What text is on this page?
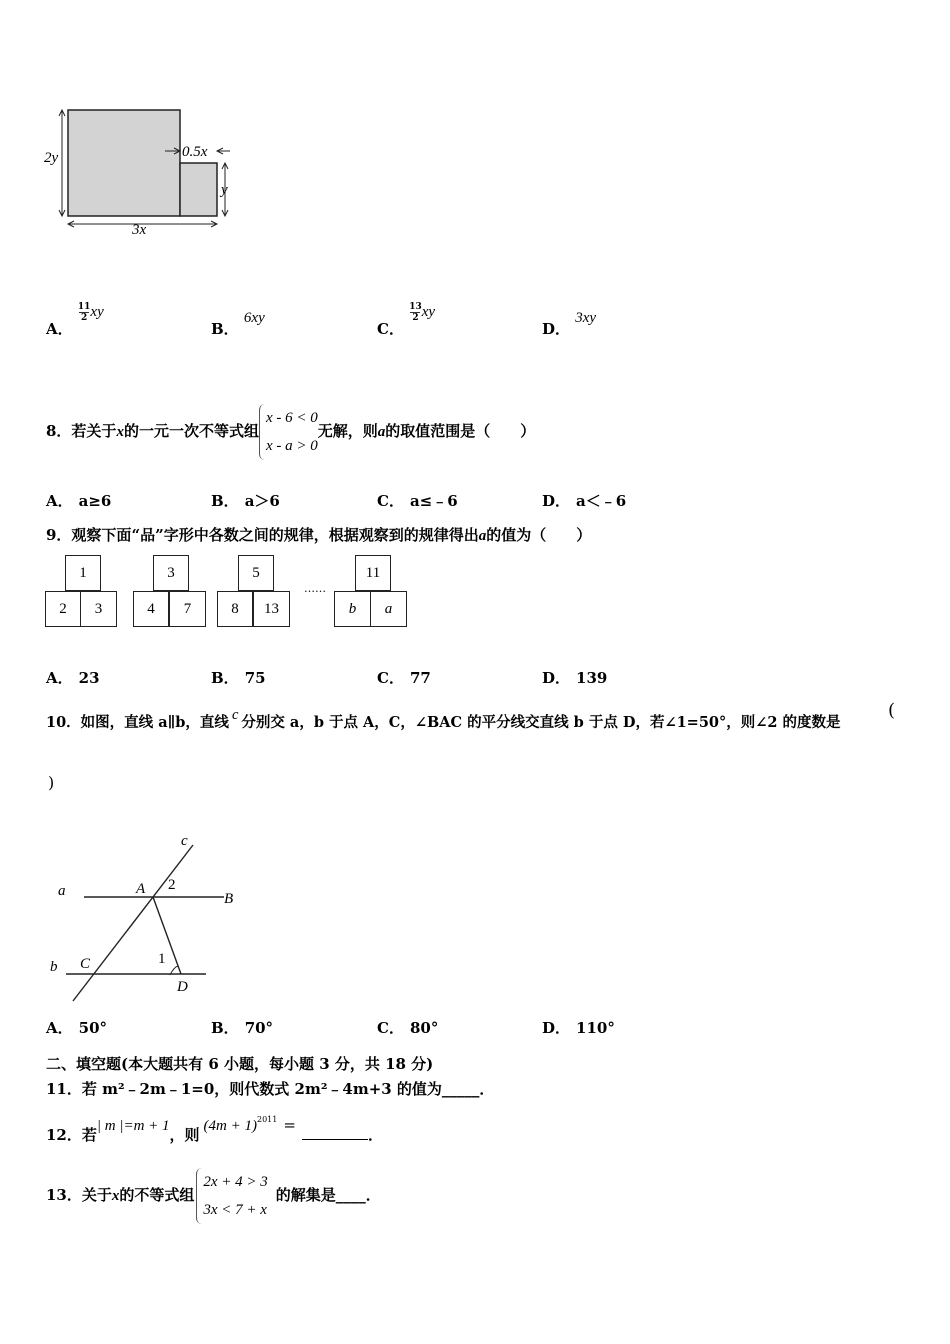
2y	0.5x
y
3x
A．
$\frac{11}{2}$ xy
B． 6xy
C．
$\frac{13}{2}$ xy
D． 3xy
8．若关于x的一元一次不等式组x - 6 < 0
x - a > 0无解，则a的取值范围是（　　）
A． a≥6	B． a＞6	C． a≤﹣6	D． a＜﹣6
9．观察下面“品”字形中各数之间的规律，根据观察到的规律得出a的值为（　　）
1
2	3
3
4	7
5
8	13
……
11
b	a
A． 23	B． 75	C． 77	D． 139
10．如图，直线 a∥b，直线 c 分别交 a，b 于点 A，C，∠BAC 的平分线交直线 b 于点 D，若∠1=50°，则∠2 的度数是
(
)
c
a	A 2
B
b C	1
D
A． 50°	B． 70°	C． 80°	D． 110°
二、填空题(本大题共有 6 小题，每小题 3 分，共 18 分)
11．若 m²﹣2m﹣1=0，则代数式 2m²﹣4m+3 的值为_____．
12．若| m |=m + 1，则 $(4m + 1)^{2011}$ =．
13．关于x的不等式组2x + 4 > 3
3x < 7 + x的解集是____．
